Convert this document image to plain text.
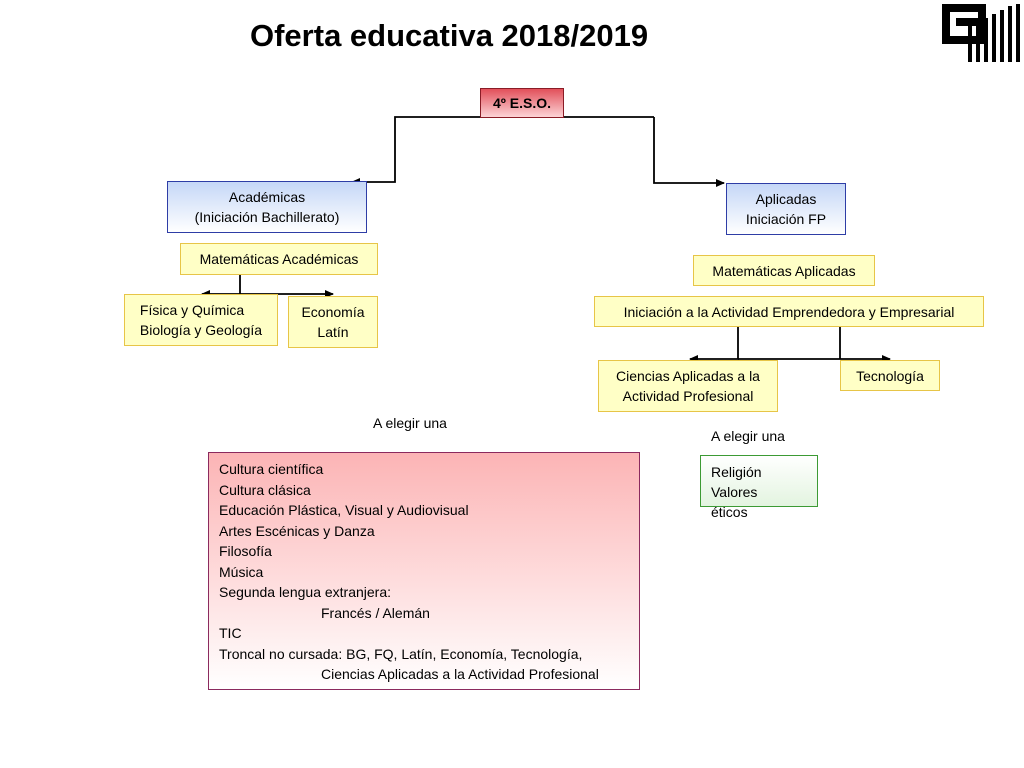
Oferta educativa 2018/2019
4º E.S.O.
Académicas
(Iniciación Bachillerato)
Aplicadas
Iniciación FP
Matemáticas Académicas
Física y Química
Biología y Geología
Economía
Latín
Matemáticas Aplicadas
Iniciación a la Actividad Emprendedora y Empresarial
Ciencias Aplicadas a la
Actividad Profesional
Tecnología
A elegir una
A elegir una
Cultura científica
Cultura clásica
Educación Plástica, Visual y Audiovisual
Artes Escénicas y Danza
Filosofía
Música
Segunda lengua extranjera:
Francés / Alemán
TIC
Troncal no cursada: BG, FQ, Latín, Economía, Tecnología,
Ciencias Aplicadas a la Actividad Profesional
Religión
Valores
éticos
